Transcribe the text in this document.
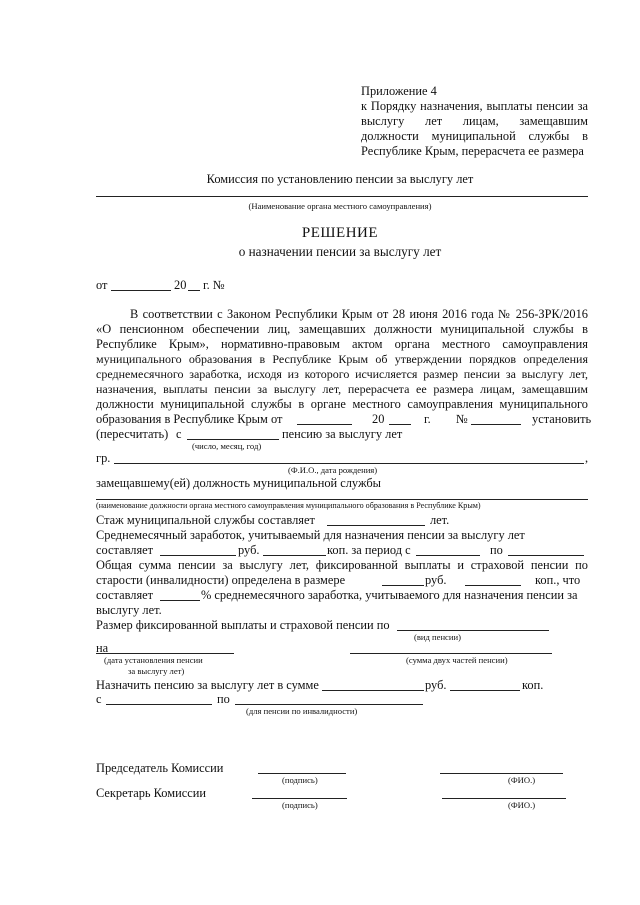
Приложение 4
к Порядку назначения, выплаты пенсии за
выслугу лет лицам, замещавшим
должности муниципальной службы в
Республике Крым, перерасчета ее размера
Комиссия по установлению пенсии за выслугу лет
(Наименование органа местного самоуправления)
РЕШЕНИЕ
о назначении пенсии за выслугу лет
от	20 г. №
В соответствии с Законом Республики Крым от 28 июня 2016 года № 256-ЗРК/2016
«О пенсионном обеспечении лиц, замещавших должности муниципальной службы в
Республике Крым», нормативно-правовым актом органа местного самоуправления
муниципального образования в Республике Крым об утверждении порядков определения
среднемесячного заработка, исходя из которого исчисляется размер пенсии за выслугу лет,
назначения, выплаты пенсии за выслугу лет, перерасчета ее размера лицам, замещавшим
должности муниципальной службы в органе местного самоуправления муниципального
образования в Республике Крым от	20	г. №	установить
(пересчитать) с	пенсию за выслугу лет
(число, месяц, год)
гр.	,
(Ф.И.О., дата рождения)
замещавшему(ей) должность муниципальной службы
(наименование должности органа местного самоуправления муниципального образования в Республике Крым)
Стаж муниципальной службы составляет	лет.
Среднемесячный заработок, учитываемый для назначения пенсии за выслугу лет
составляет	руб.	коп. за период с	по
Общая сумма пенсии за выслугу лет, фиксированной выплаты и страховой пенсии по
старости (инвалидности) определена в размере	руб.	коп., что
составляет	% среднемесячного заработка, учитываемого для назначения пенсии за
выслугу лет.
Размер фиксированной выплаты и страховой пенсии по
(вид пенсии)
на
(дата установления пенсии
за выслугу лет)
(сумма двух частей пенсии)
Назначить пенсию за выслугу лет в сумме	руб.	коп.
с	по
(для пенсии по инвалидности)
Председатель Комиссии
(подпись)	(ФИО.)
Секретарь Комиссии
(подпись)	(ФИО.)
